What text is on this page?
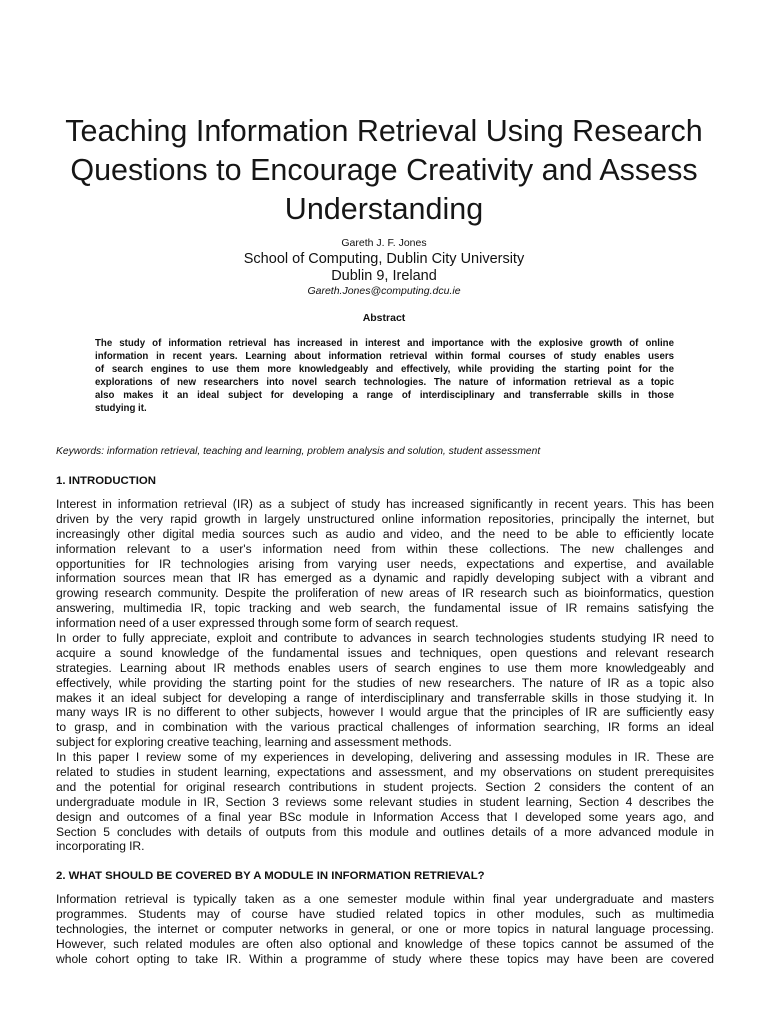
Teaching Information Retrieval Using Research
Questions to Encourage Creativity and Assess
Understanding
Gareth J. F. Jones
School of Computing, Dublin City University
Dublin 9, Ireland
Gareth.Jones@computing.dcu.ie
Abstract
The study of information retrieval has increased in interest and importance with the explosive growth of online
information in recent years. Learning about information retrieval within formal courses of study enables users
of search engines to use them more knowledgeably and effectively, while providing the starting point for the
explorations of new researchers into novel search technologies. The nature of information retrieval as a topic
also makes it an ideal subject for developing a range of interdisciplinary and transferrable skills in those
studying it.
Keywords: information retrieval, teaching and learning, problem analysis and solution, student assessment
1. INTRODUCTION
Interest in information retrieval (IR) as a subject of study has increased significantly in recent years. This has been
driven by the very rapid growth in largely unstructured online information repositories, principally the internet, but
increasingly other digital media sources such as audio and video, and the need to be able to efficiently locate
information relevant to a user's information need from within these collections. The new challenges and
opportunities for IR technologies arising from varying user needs, expectations and expertise, and available
information sources mean that IR has emerged as a dynamic and rapidly developing subject with a vibrant and
growing research community. Despite the proliferation of new areas of IR research such as bioinformatics, question
answering, multimedia IR, topic tracking and web search, the fundamental issue of IR remains satisfying the
information need of a user expressed through some form of search request.
In order to fully appreciate, exploit and contribute to advances in search technologies students studying IR need to
acquire a sound knowledge of the fundamental issues and techniques, open questions and relevant research
strategies. Learning about IR methods enables users of search engines to use them more knowledgeably and
effectively, while providing the starting point for the studies of new researchers. The nature of IR as a topic also
makes it an ideal subject for developing a range of interdisciplinary and transferrable skills in those studying it. In
many ways IR is no different to other subjects, however I would argue that the principles of IR are sufficiently easy
to grasp, and in combination with the various practical challenges of information searching, IR forms an ideal
subject for exploring creative teaching, learning and assessment methods.
In this paper I review some of my experiences in developing, delivering and assessing modules in IR. These are
related to studies in student learning, expectations and assessment, and my observations on student prerequisites
and the potential for original research contributions in student projects. Section 2 considers the content of an
undergraduate module in IR, Section 3 reviews some relevant studies in student learning, Section 4 describes the
design and outcomes of a final year BSc module in Information Access that I developed some years ago, and
Section 5 concludes with details of outputs from this module and outlines details of a more advanced module in
incorporating IR.
2. WHAT SHOULD BE COVERED BY A MODULE IN INFORMATION RETRIEVAL?
Information retrieval is typically taken as a one semester module within final year undergraduate and masters
programmes. Students may of course have studied related topics in other modules, such as multimedia
technologies, the internet or computer networks in general, or one or more topics in natural language processing.
However, such related modules are often also optional and knowledge of these topics cannot be assumed of the
whole cohort opting to take IR. Within a programme of study where these topics may have been are covered
